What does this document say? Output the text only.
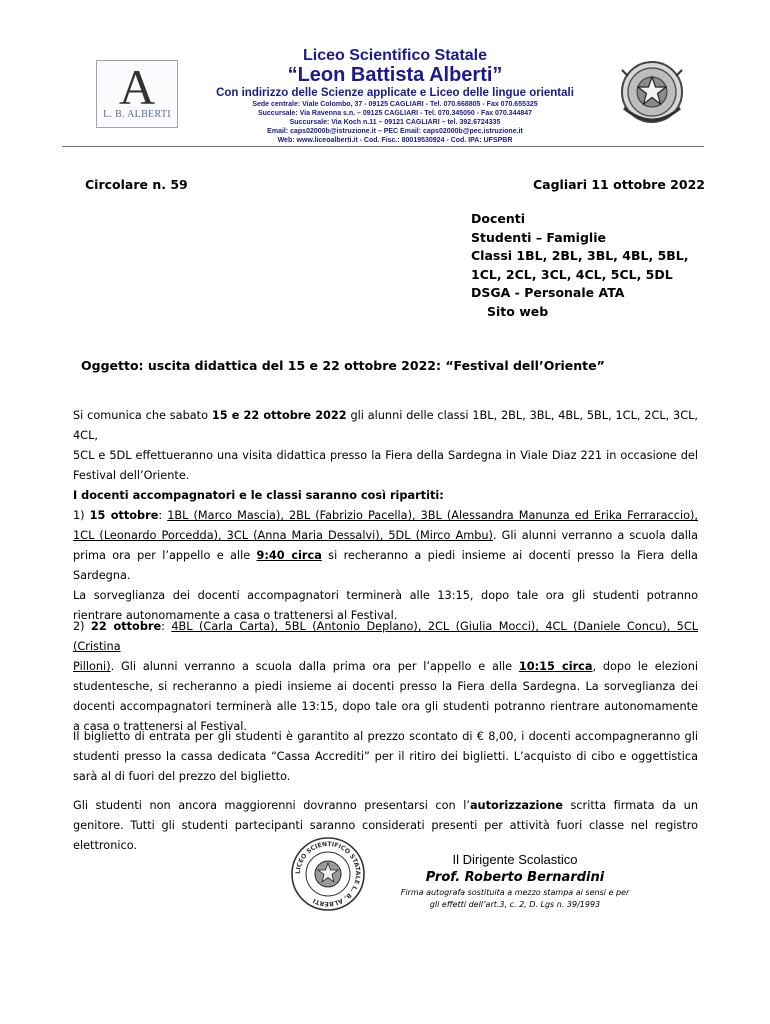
A
L. B. ALBERTI
Liceo Scientifico Statale
“Leon Battista Alberti”
Con indirizzo delle Scienze applicate e Liceo delle lingue orientali
Sede centrale: Viale Colombo, 37 - 09125 CAGLIARI - Tel. 070.668805 - Fax 070.655325
Succursale: Via Ravenna s.n. – 09125 CAGLIARI - Tel. 070.345050 - Fax 070.344847
Succursale: Via Koch n.11 – 09121 CAGLIARI – tel. 392.6724335
Email: caps02000b@istruzione.it – PEC Email: caps02000b@pec.istruzione.it
Web: www.liceoalberti.it - Cod. Fisc.: 80019530924 - Cod. IPA: UFSPBR
Circolare n. 59	Cagliari 11 ottobre 2022
Docenti
Studenti – Famiglie
Classi 1BL, 2BL, 3BL, 4BL, 5BL,
1CL, 2CL, 3CL, 4CL, 5CL, 5DL
DSGA - Personale ATA
Sito web
Oggetto: uscita didattica del 15 e 22 ottobre 2022: “Festival dell’Oriente”
Si comunica che sabato 15 e 22 ottobre 2022 gli alunni delle classi 1BL, 2BL, 3BL, 4BL, 5BL, 1CL, 2CL, 3CL, 4CL,
5CL e 5DL effettueranno una visita didattica presso la Fiera della Sardegna in Viale Diaz 221 in occasione del
Festival dell’Oriente.
I docenti accompagnatori e le classi saranno così ripartiti:
1) 15 ottobre: 1BL (Marco Mascia), 2BL (Fabrizio Pacella), 3BL (Alessandra Manunza ed Erika Ferraraccio),
1CL (Leonardo Porcedda), 3CL (Anna Maria Dessalvi), 5DL (Mirco Ambu). Gli alunni verranno a scuola dalla
prima ora per l’appello e alle 9:40 circa si recheranno a piedi insieme ai docenti presso la Fiera della Sardegna.
La sorveglianza dei docenti accompagnatori terminerà alle 13:15, dopo tale ora gli studenti potranno
rientrare autonomamente a casa o trattenersi al Festival.
2) 22 ottobre: 4BL (Carla Carta), 5BL (Antonio Deplano), 2CL (Giulia Mocci), 4CL (Daniele Concu), 5CL (Cristina
Pilloni). Gli alunni verranno a scuola dalla prima ora per l’appello e alle 10:15 circa, dopo le elezioni
studentesche, si recheranno a piedi insieme ai docenti presso la Fiera della Sardegna. La sorveglianza dei
docenti accompagnatori terminerà alle 13:15, dopo tale ora gli studenti potranno rientrare autonomamente
a casa o trattenersi al Festival.
Il biglietto di entrata per gli studenti è garantito al prezzo scontato di € 8,00, i docenti accompagneranno gli
studenti presso la cassa dedicata “Cassa Accrediti” per il ritiro dei biglietti. L’acquisto di cibo e oggettistica
sarà al di fuori del prezzo del biglietto.
Gli studenti non ancora maggiorenni dovranno presentarsi con l’autorizzazione scritta firmata da un
genitore. Tutti gli studenti partecipanti saranno considerati presenti per attività fuori classe nel registro
elettronico.
LICEO SCIENTIFICO STATALE L. B. ALBERTI
Il Dirigente Scolastico
Prof. Roberto Bernardini
Firma autografa sostituita a mezzo stampa ai sensi e per
gli effetti dell’art.3, c. 2, D. Lgs n. 39/1993
